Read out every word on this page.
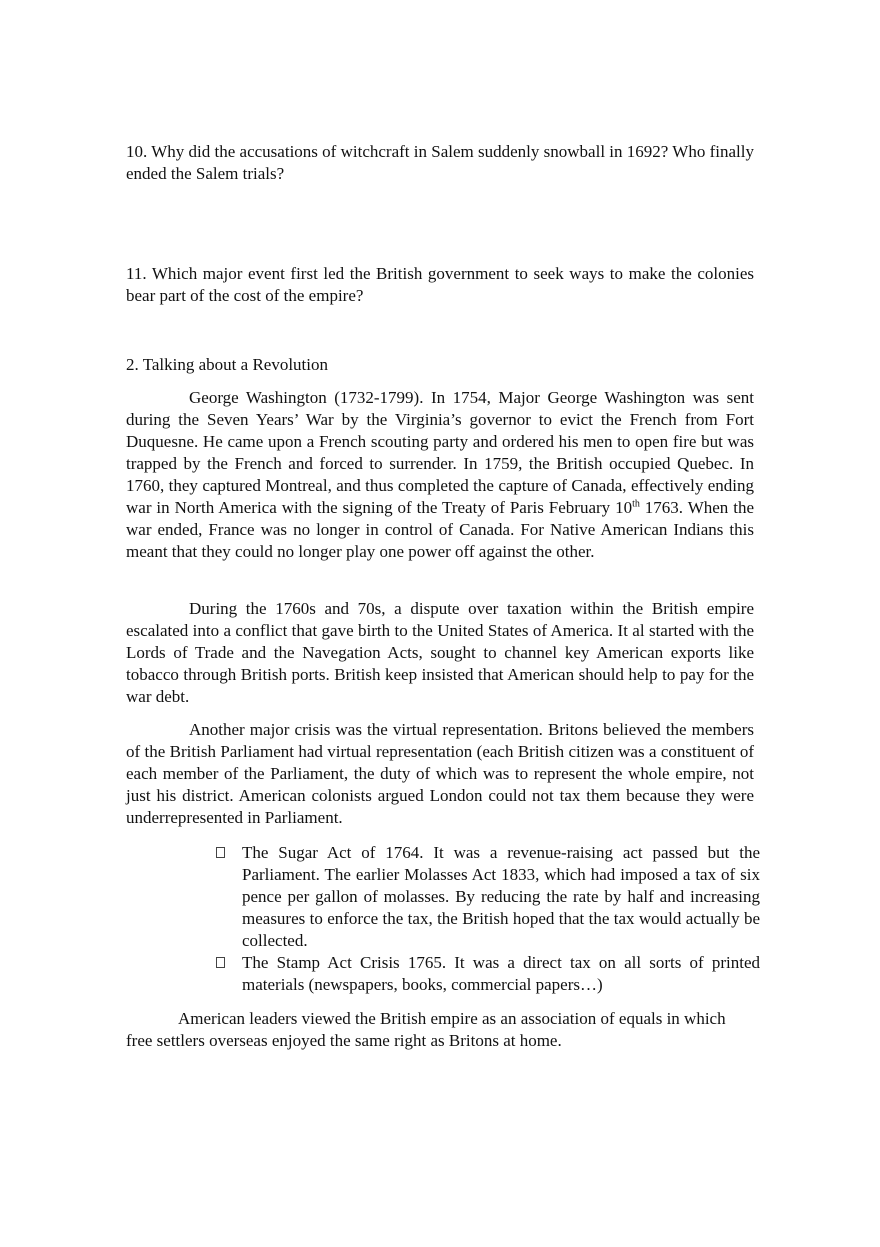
10. Why did the accusations of witchcraft in Salem suddenly snowball in 1692? Who finally ended the Salem trials?

11. Which major event first led the British government to seek ways to make the colonies bear part of the cost of the empire?

2. Talking about a Revolution

George Washington (1732-1799). In 1754, Major George Washington was sent during the Seven Years’ War by the Virginia’s governor to evict the French from Fort Duquesne. He came upon a French scouting party and ordered his men to open fire but was trapped by the French and forced to surrender. In 1759, the British occupied Quebec. In 1760, they captured Montreal, and thus completed the capture of Canada, effectively ending war in North America with the signing of the Treaty of Paris February 10th 1763. When the war ended, France was no longer in control of Canada. For Native American Indians this meant that they could no longer play one power off against the other.

During the 1760s and 70s, a dispute over taxation within the British empire escalated into a conflict that gave birth to the United States of America. It al started with the Lords of Trade and the Navegation Acts, sought to channel key American exports like tobacco through British ports. British keep insisted that American should help to pay for the war debt.

Another major crisis was the virtual representation. Britons believed the members of the British Parliament had virtual representation (each British citizen was a constituent of each member of the Parliament, the duty of which was to represent the whole empire, not just his district. American colonists argued London could not tax them because they were underrepresented in Parliament.

The Sugar Act of 1764. It was a revenue-raising act passed but the Parliament. The earlier Molasses Act 1833, which had imposed a tax of six pence per gallon of molasses. By reducing the rate by half and increasing measures to enforce the tax, the British hoped that the tax would actually be collected.
The Stamp Act Crisis 1765. It was a direct tax on all sorts of printed materials (newspapers, books, commercial papers…)

American leaders viewed the British empire as an association of equals in which free settlers overseas enjoyed the same right as Britons at home.
